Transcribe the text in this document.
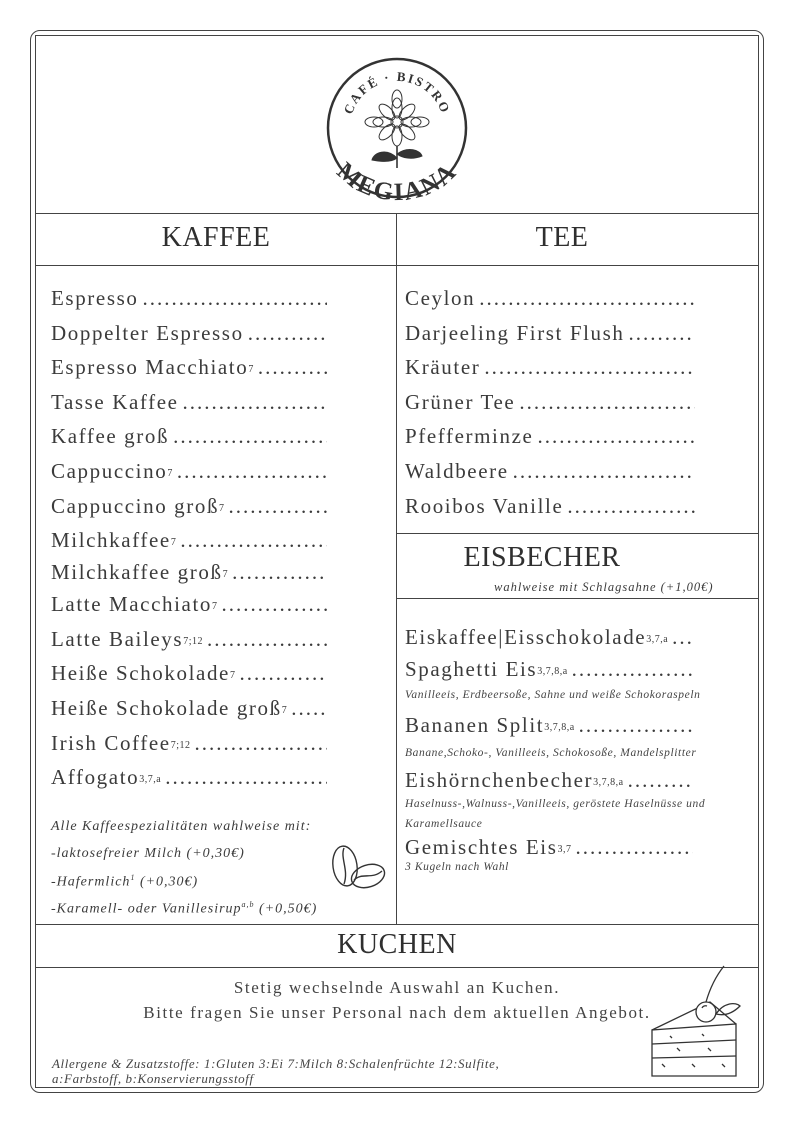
CAFÉ · BISTRO
MEGIANA
KAFFEE	TEE
EISBECHER
wahlweise mit Schlagsahne (+1,00€)
KUCHEN
Espresso
.....
Doppelter Espresso
.....
Espresso Macchiato$^7$
.....
Tasse Kaffee
.....
Kaffee groß
.....
Cappuccino$^7$
.....
Cappuccino groß$^7$
.....
Milchkaffee$^7$
.....
Milchkaffee groß$^7$
.....
Latte Macchiato$^7$
.....
Latte Baileys$^{7;12}$
.....
Heiße Schokolade$^7$
.....
Heiße Schokolade groß$^7$
.....
Irish Coffee$^{7;12}$
.....
Affogato$^{3,7,a}$
.....
Alle Kaffeespezialitäten wahlweise mit:
-laktosefreier Milch (+0,30€)
-Hafermlich$^1$ (+0,30€)
-Karamell- oder Vanillesirup$^{a,b}$ (+0,50€)
Ceylon
.....
Darjeeling First Flush
.....
Kräuter
.....
Grüner Tee
.....
Pfefferminze
.....
Waldbeere
.....
Rooibos Vanille
.....
Eiskaffee|Eisschokolade$^{3,7,a}$
.....
Spaghetti Eis$^{3,7,8,a}$
.....
Vanilleeis, Erdbeersoße, Sahne und weiße Schokoraspeln
Bananen Split$^{3,7,8,a}$
.....
Banane,Schoko-, Vanilleeis, Schokosoße, Mandelsplitter
Eishörnchenbecher$^{3,7,8,a}$
.....
Haselnuss-,Walnuss-,Vanilleeis, geröstete Haselnüsse und Karamellsauce
Gemischtes Eis$^{3,7}$
.....
3 Kugeln nach Wahl
Stetig wechselnde Auswahl an Kuchen.
Bitte fragen Sie unser Personal nach dem aktuellen Angebot.
Allergene & Zusatzstoffe: 1:Gluten 3:Ei 7:Milch 8:Schalenfrüchte 12:Sulfite,
a:Farbstoff, b:Konservierungsstoff
